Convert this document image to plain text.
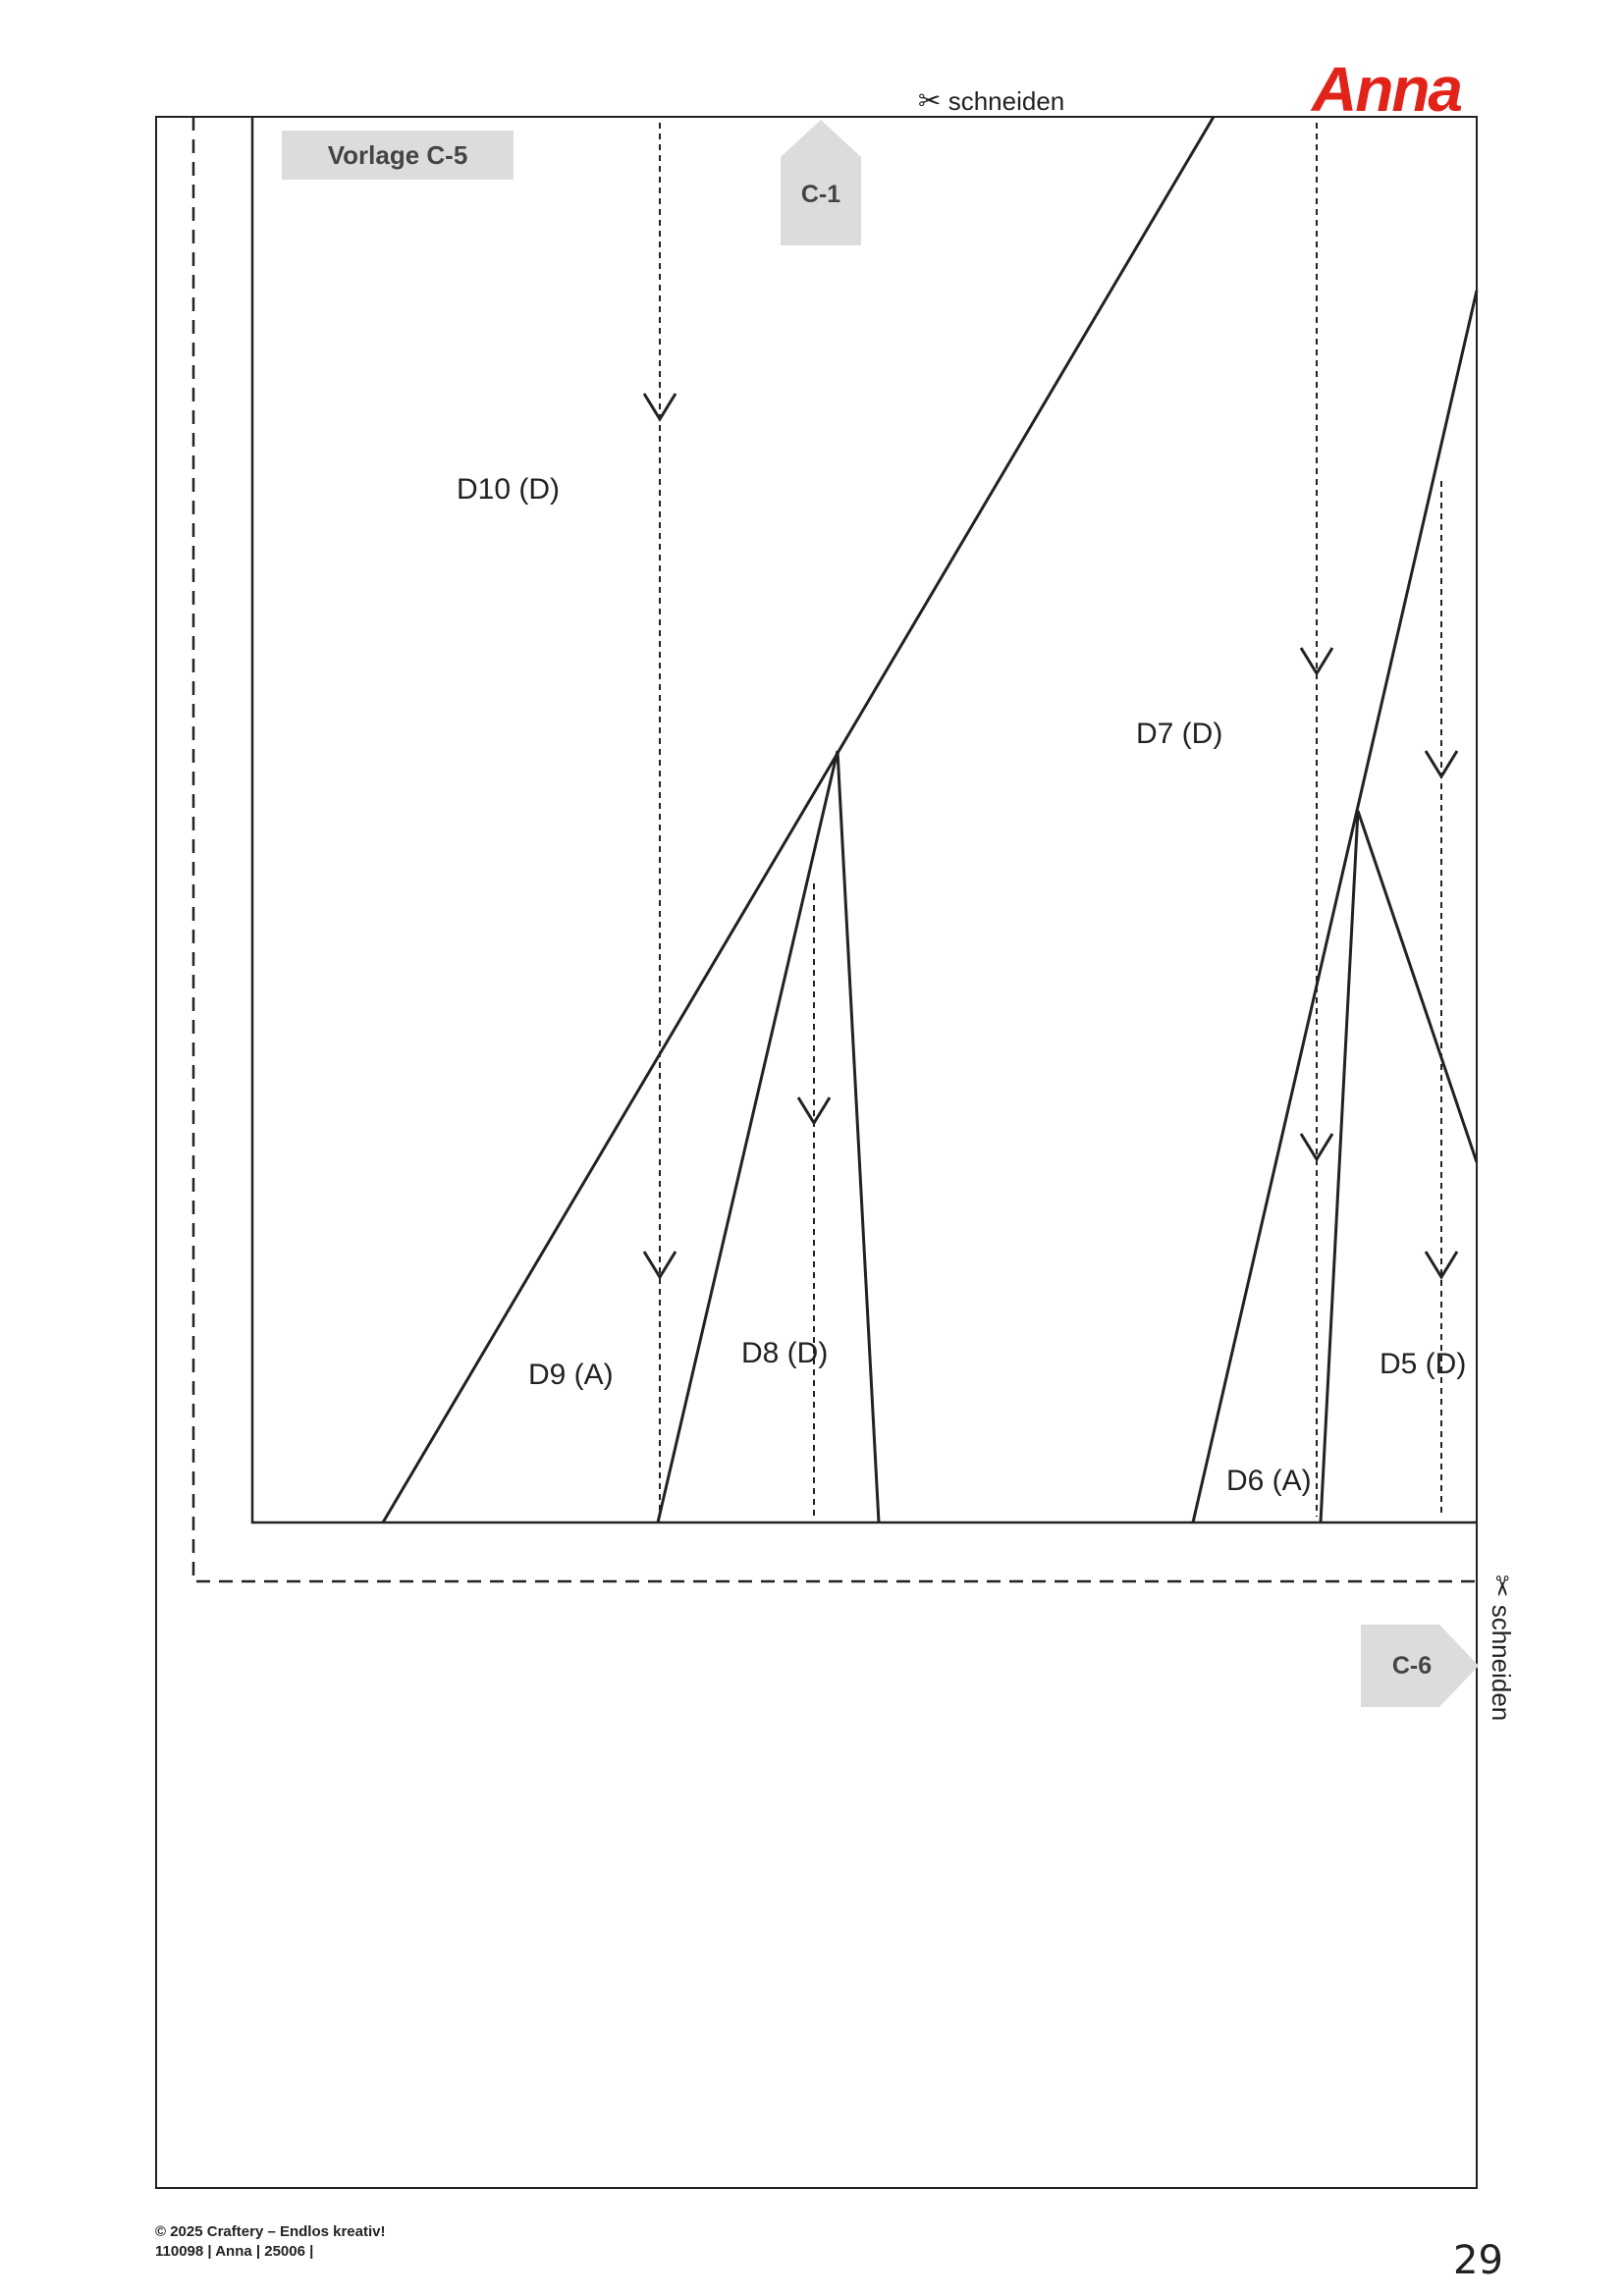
Vorlage C-5
C-1
C-6
✂ schneiden
✂ schneiden
D10 (D)
D7 (D)
D9 (A)
D8 (D)	D5 (D)
D6 (A)
Anna
© 2025 Craftery – Endlos kreativ!
110098 | Anna | 25006 |	29
